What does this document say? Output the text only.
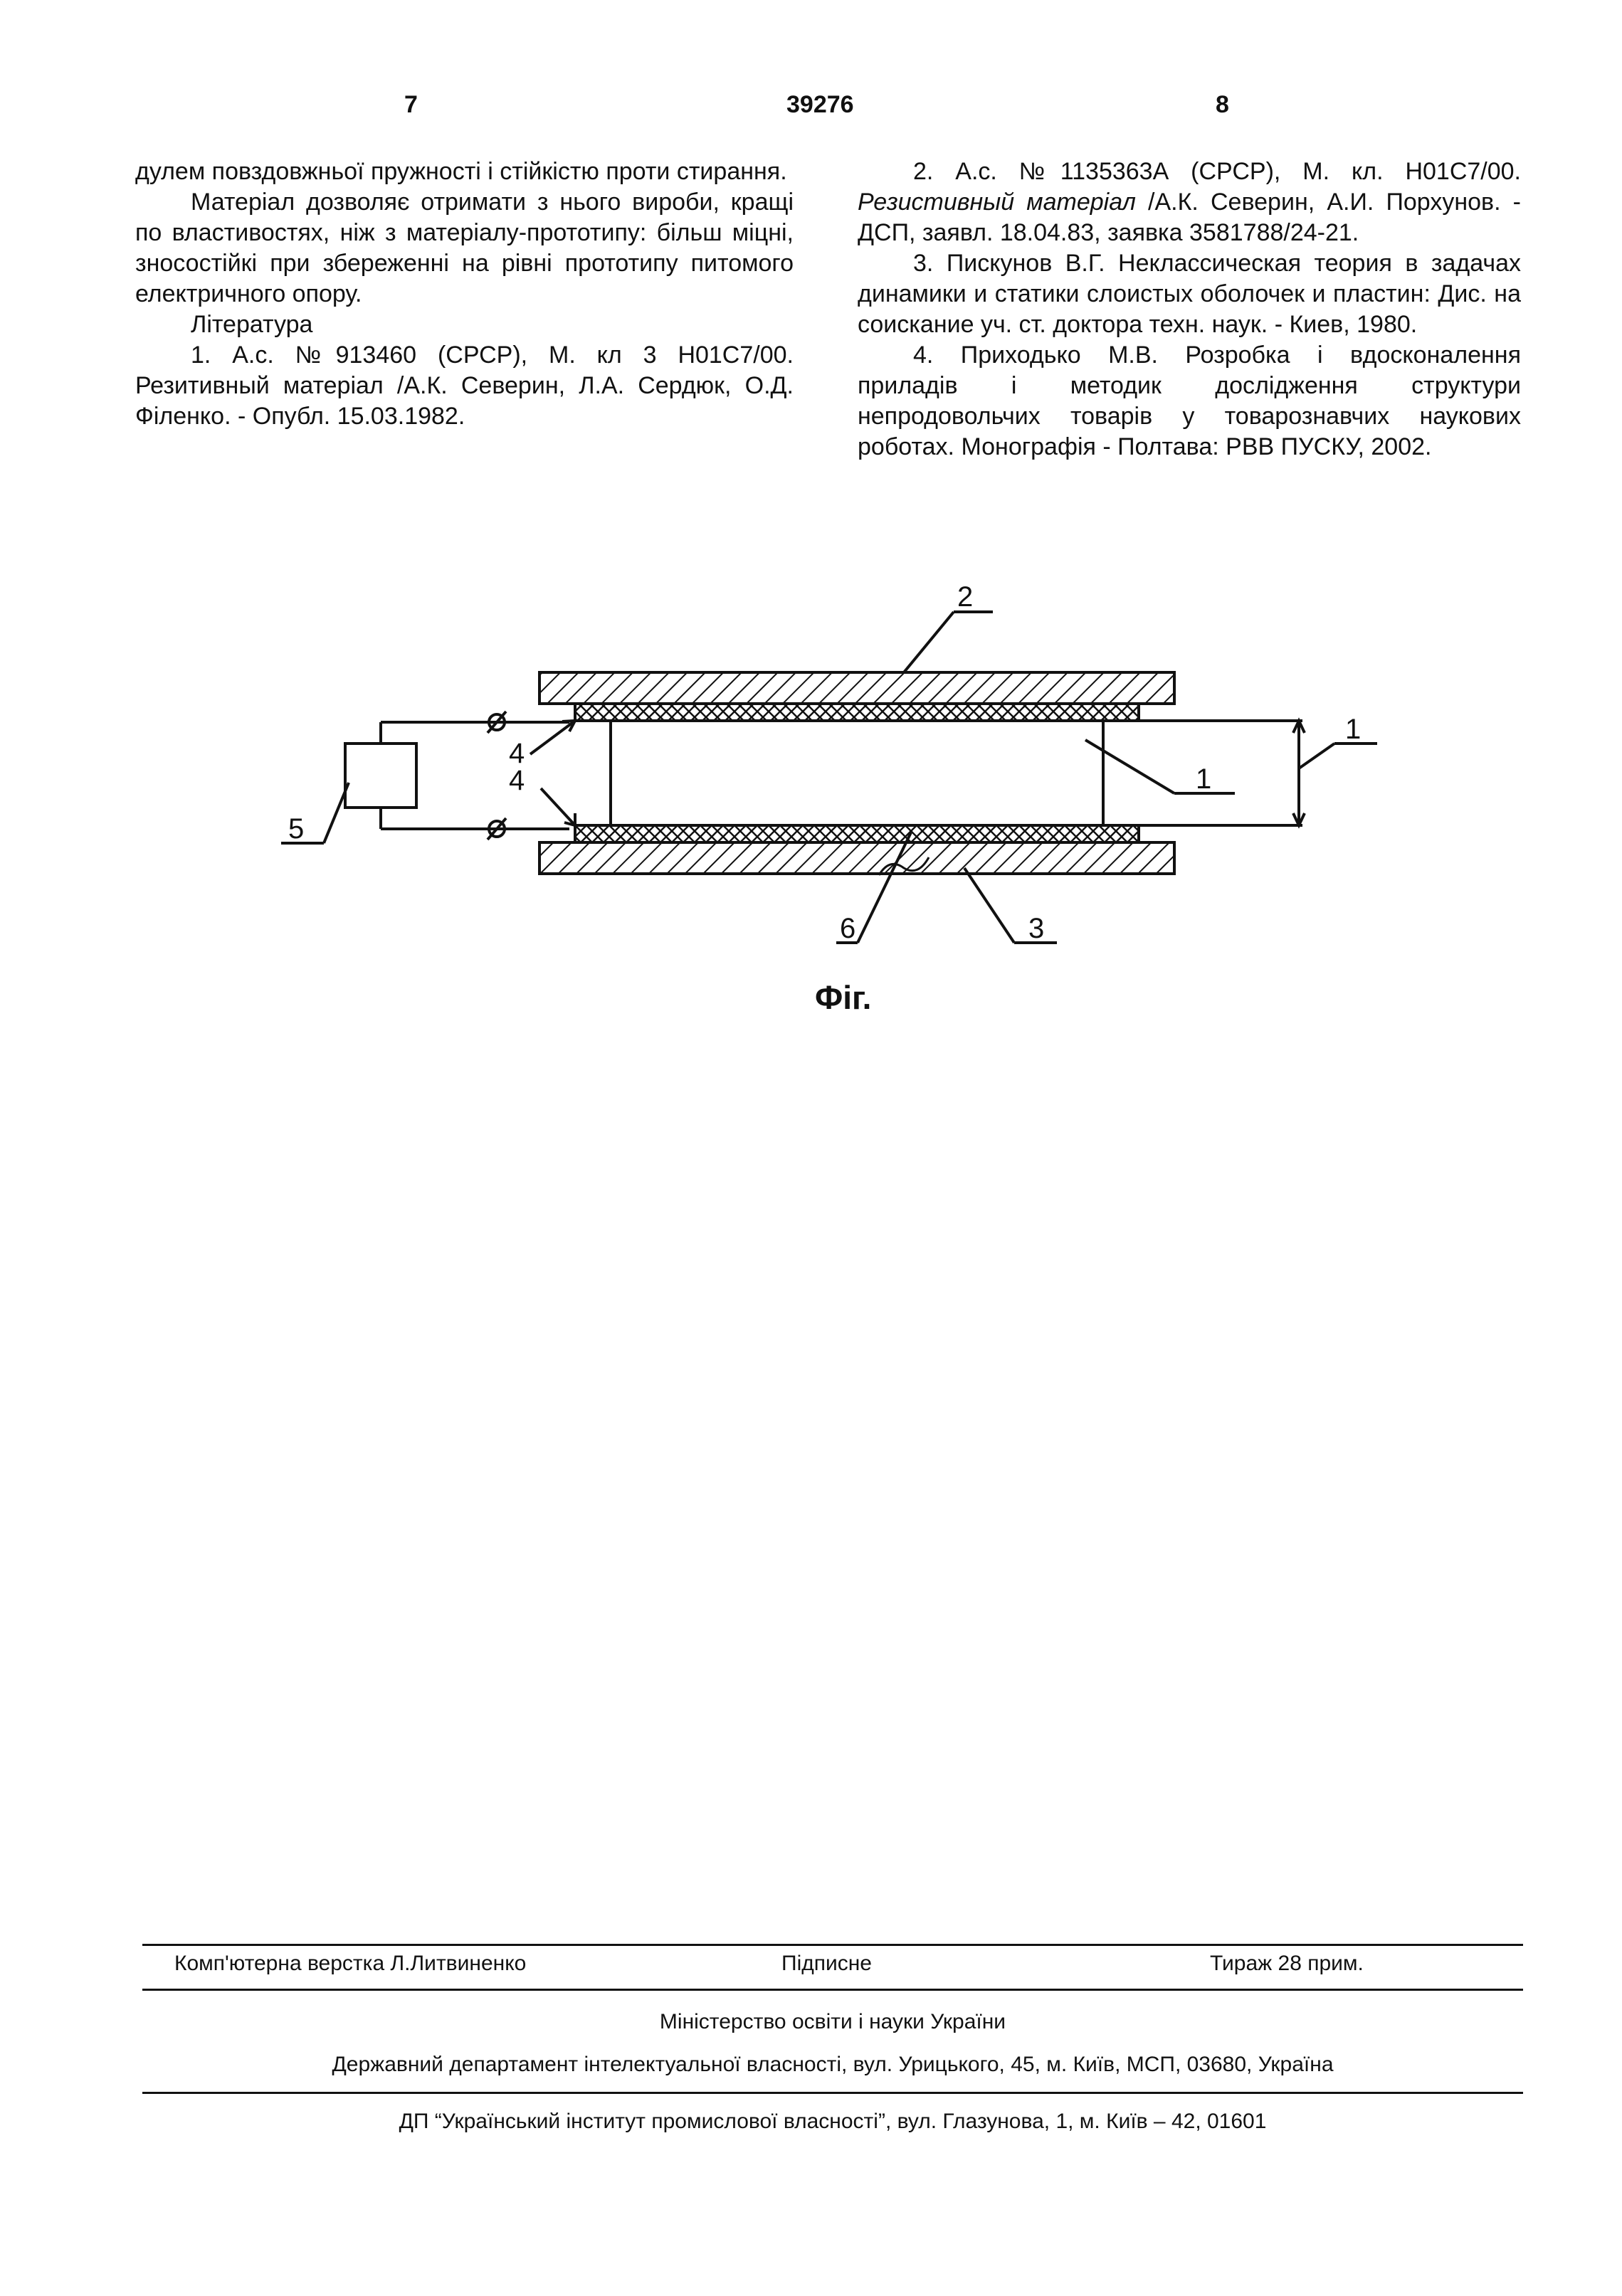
7	39276	8

дулем повздовжньої пружності і стійкістю проти стирання.

Матеріал дозволяє отримати з нього вироби, кращі по властивостях, ніж з матеріалу-прототипу: більш міцні, зносостійкі при збереженні на рівні прототипу питомого електричного опору.

Література

1. А.с. №913460 (СРСР), М. кл 3 Н01С7/00. Резитивный матеріал /А.К. Северин, Л.А. Сердюк, О.Д. Філенко. - Опубл. 15.03.1982.

2. А.с. №1135363А (СРСР), М. кл. Н01С7/00. Резистивный матеріал /А.К. Северин, А.И. Порхунов. - ДСП, заявл. 18.04.83, заявка 3581788/24-21.

3. Пискунов В.Г. Неклассическая теория в задачах динамики и статики слоистых оболочек и пластин: Дис. на соискание уч. ст. доктора техн. наук. - Киев, 1980.

4. Приходько М.В. Розробка і вдосконалення приладів і методик дослідження структури непродовольчих товарів у товарознавчих наукових роботах. Монографія - Полтава: РВВ ПУСКУ, 2002.

2
1
1
4
4
5
6	3
Фіг.
Комп'ютерна верстка Л.Литвиненко	Підписне	Тираж 28 прим.
Міністерство освіти і науки України
Державний департамент інтелектуальної власності, вул. Урицького, 45, м. Київ, МСП, 03680, Україна
ДП “Український інститут промислової власності”, вул. Глазунова, 1, м. Київ – 42, 01601
